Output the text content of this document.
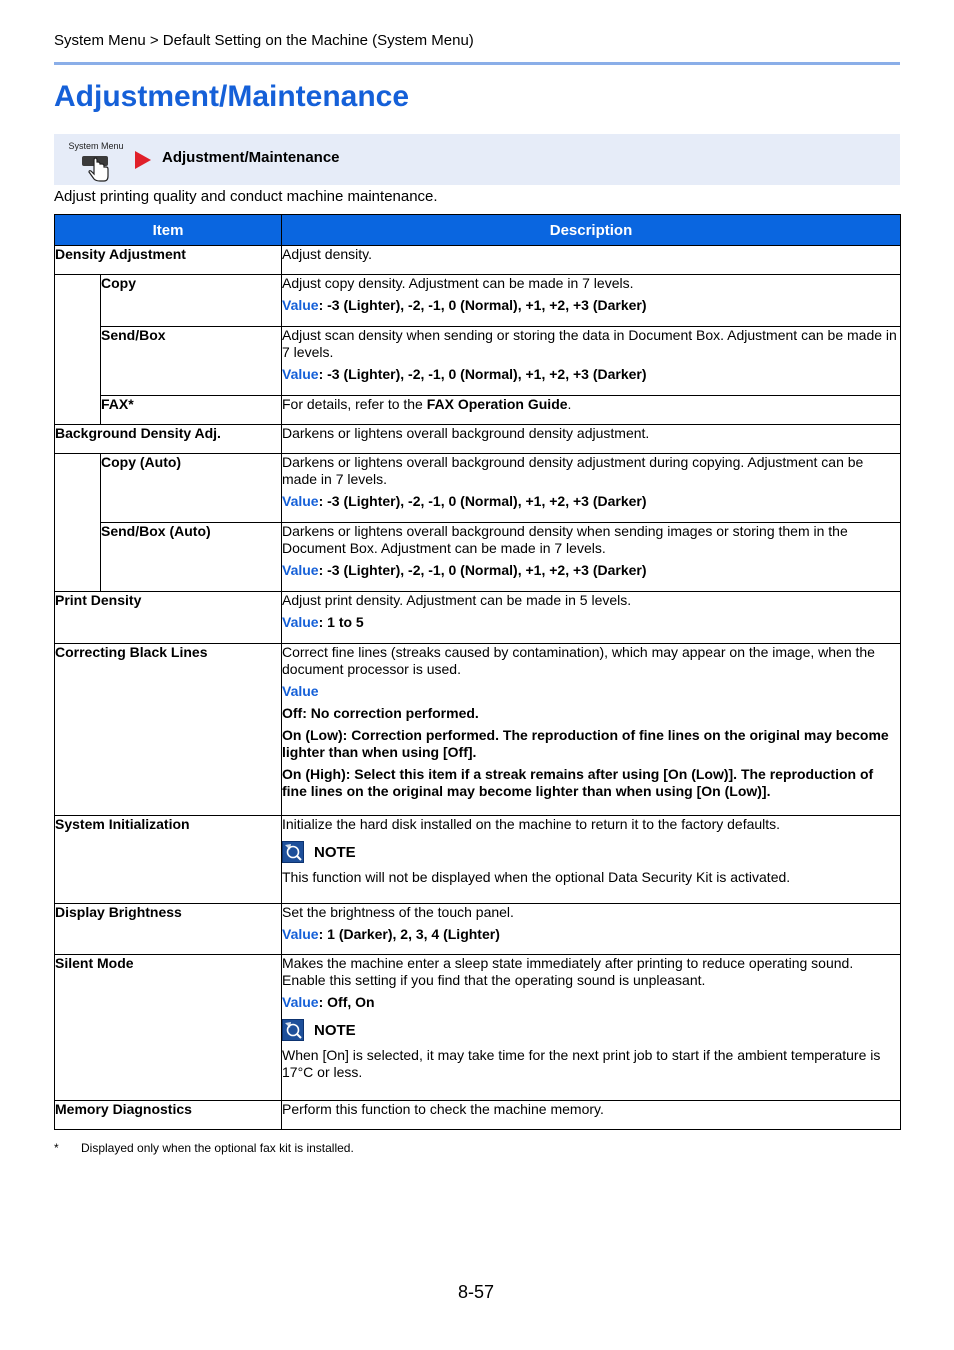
System Menu > Default Setting on the Machine (System Menu)
Adjustment/Maintenance
System Menu
Adjustment/Maintenance
Adjust printing quality and conduct machine maintenance.
Item		Description
Density Adjustment		Adjust density.

	Copy	Adjust copy density. Adjustment can be made in 7 levels.

Value: -3 (Lighter), -2, -1, 0 (Normal), +1, +2, +3 (Darker)

	Send/Box	Adjust scan density when sending or storing the data in Document Box. Adjustment can be made in 7 levels.

Value: -3 (Lighter), -2, -1, 0 (Normal), +1, +2, +3 (Darker)

	FAX*	For details, refer to the FAX Operation Guide.

Background Density Adj.		Darkens or lightens overall background density adjustment.

	Copy (Auto)	Darkens or lightens overall background density adjustment during copying. Adjustment can be made in 7 levels.

Value: -3 (Lighter), -2, -1, 0 (Normal), +1, +2, +3 (Darker)

	Send/Box (Auto)	Darkens or lightens overall background density when sending images or storing them in the Document Box. Adjustment can be made in 7 levels.

Value: -3 (Lighter), -2, -1, 0 (Normal), +1, +2, +3 (Darker)

Print Density		Adjust print density. Adjustment can be made in 5 levels.

Value: 1 to 5

Correcting Black Lines		Correct fine lines (streaks caused by contamination), which may appear on the image, when the document processor is used.

Value

Off: No correction performed.

On (Low): Correction performed. The reproduction of fine lines on the original may become lighter than when using [Off].

On (High): Select this item if a streak remains after using [On (Low)]. The reproduction of fine lines on the original may become lighter than when using [On (Low)].

System Initialization		Initialize the hard disk installed on the machine to return it to the factory defaults.

NOTE

This function will not be displayed when the optional Data Security Kit is activated.

Display Brightness		Set the brightness of the touch panel.

Value: 1 (Darker), 2, 3, 4 (Lighter)

Silent Mode		Makes the machine enter a sleep state immediately after printing to reduce operating sound. Enable this setting if you find that the operating sound is unpleasant.

Value: Off, On

NOTE

When [On] is selected, it may take time for the next print job to start if the ambient temperature is 17°C or less.

Memory Diagnostics		Perform this function to check the machine memory.

* Displayed only when the optional fax kit is installed.
8-57
